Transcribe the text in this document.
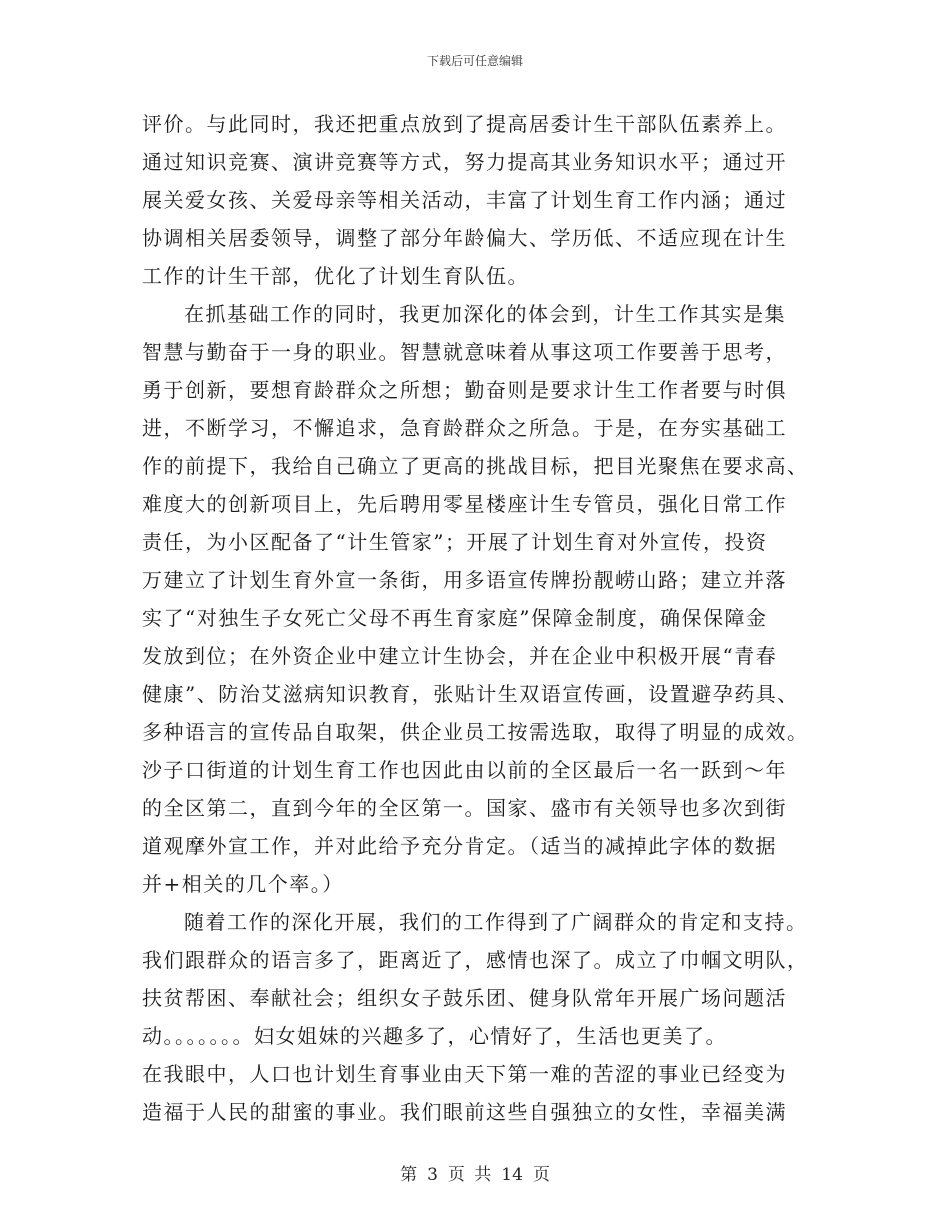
下载后可任意编辑
评价。与此同时，我还把重点放到了提高居委计生干部队伍素养上。
通过知识竞赛、演讲竞赛等方式，努力提高其业务知识水平；通过开
展关爱女孩、关爱母亲等相关活动，丰富了计划生育工作内涵；通过
协调相关居委领导，调整了部分年龄偏大、学历低、不适应现在计生
工作的计生干部，优化了计划生育队伍。
在抓基础工作的同时，我更加深化的体会到，计生工作其实是集
智慧与勤奋于一身的职业。智慧就意味着从事这项工作要善于思考，
勇于创新，要想育龄群众之所想；勤奋则是要求计生工作者要与时俱
进，不断学习，不懈追求，急育龄群众之所急。于是，在夯实基础工
作的前提下，我给自己确立了更高的挑战目标，把目光聚焦在要求高、
难度大的创新项目上，先后聘用零星楼座计生专管员，强化日常工作
责任，为小区配备了“计生管家”；开展了计划生育对外宣传，投资
万建立了计划生育外宣一条街，用多语宣传牌扮靓崂山路；建立并落
实了“对独生子女死亡父母不再生育家庭”保障金制度，确保保障金
发放到位；在外资企业中建立计生协会，并在企业中积极开展“青春
健康”、防治艾滋病知识教育，张贴计生双语宣传画，设置避孕药具、
多种语言的宣传品自取架，供企业员工按需选取，取得了明显的成效。
沙子口街道的计划生育工作也因此由以前的全区最后一名一跃到～年
的全区第二，直到今年的全区第一。国家、盛市有关领导也多次到街
道观摩外宣工作，并对此给予充分肯定。（适当的减掉此字体的数据
并+相关的几个率。）
随着工作的深化开展，我们的工作得到了广阔群众的肯定和支持。
我们跟群众的语言多了，距离近了，感情也深了。成立了巾帼文明队，
扶贫帮困、奉献社会；组织女子鼓乐团、健身队常年开展广场问题活
动。。。。。。。妇女姐妹的兴趣多了，心情好了，生活也更美了。
在我眼中，人口也计划生育事业由天下第一难的苦涩的事业已经变为
造福于人民的甜蜜的事业。我们眼前这些自强独立的女性，幸福美满
第 3 页 共 14 页
